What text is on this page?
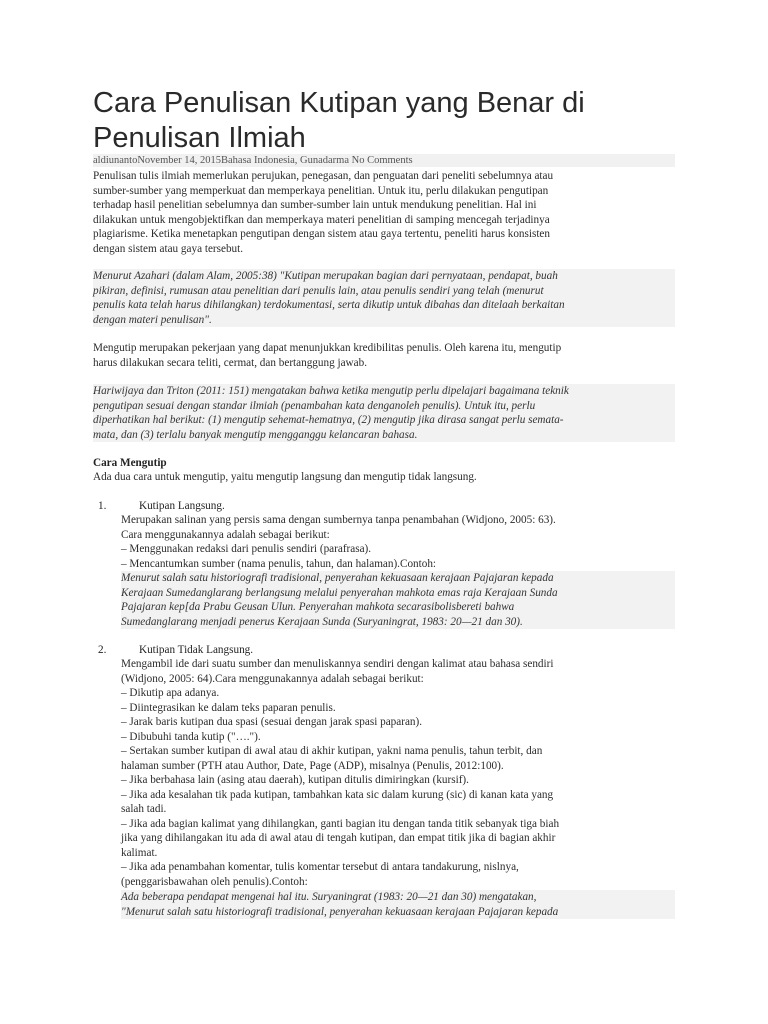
Cara Penulisan Kutipan yang Benar di
Penulisan Ilmiah
aldiunantoNovember 14, 2015Bahasa Indonesia, Gunadarma No Comments
Penulisan tulis ilmiah memerlukan perujukan, penegasan, dan penguatan dari peneliti sebelumnya atau
sumber-sumber yang memperkuat dan memperkaya penelitian. Untuk itu, perlu dilakukan pengutipan
terhadap hasil penelitian sebelumnya dan sumber-sumber lain untuk mendukung penelitian. Hal ini
dilakukan untuk mengobjektifkan dan memperkaya materi penelitian di samping mencegah terjadinya
plagiarisme. Ketika menetapkan pengutipan dengan sistem atau gaya tertentu, peneliti harus konsisten
dengan sistem atau gaya tersebut.
Menurut Azahari (dalam Alam, 2005:38) "Kutipan merupakan bagian dari pernyataan, pendapat, buah
pikiran, definisi, rumusan atau penelitian dari penulis lain, atau penulis sendiri yang telah (menurut
penulis kata telah harus dihilangkan) terdokumentasi, serta dikutip untuk dibahas dan ditelaah berkaitan
dengan materi penulisan".
Mengutip merupakan pekerjaan yang dapat menunjukkan kredibilitas penulis. Oleh karena itu, mengutip
harus dilakukan secara teliti, cermat, dan bertanggung jawab.
Hariwijaya dan Triton (2011: 151) mengatakan bahwa ketika mengutip perlu dipelajari bagaimana teknik
pengutipan sesuai dengan standar ilmiah (penambahan kata denganoleh penulis). Untuk itu, perlu
diperhatikan hal berikut: (1) mengutip sehemat-hematnya, (2) mengutip jika dirasa sangat perlu semata-
mata, dan (3) terlalu banyak mengutip mengganggu kelancaran bahasa.
Cara Mengutip
Ada dua cara untuk mengutip, yaitu mengutip langsung dan mengutip tidak langsung.
1.	Kutipan Langsung.
Merupakan salinan yang persis sama dengan sumbernya tanpa penambahan (Widjono, 2005: 63).
Cara menggunakannya adalah sebagai berikut:
– Menggunakan redaksi dari penulis sendiri (parafrasa).
– Mencantumkan sumber (nama penulis, tahun, dan halaman).Contoh:
Menurut salah satu historiografi tradisional, penyerahan kekuasaan kerajaan Pajajaran kepada
Kerajaan Sumedanglarang berlangsung melalui penyerahan mahkota emas raja Kerajaan Sunda
Pajajaran kep[da Prabu Geusan Ulun. Penyerahan mahkota secarasibolisbereti bahwa
Sumedanglarang menjadi penerus Kerajaan Sunda (Suryaningrat, 1983: 20—21 dan 30).
2.	Kutipan Tidak Langsung.
Mengambil ide dari suatu sumber dan menuliskannya sendiri dengan kalimat atau bahasa sendiri
(Widjono, 2005: 64).Cara menggunakannya adalah sebagai berikut:
– Dikutip apa adanya.
– Diintegrasikan ke dalam teks paparan penulis.
– Jarak baris kutipan dua spasi (sesuai dengan jarak spasi paparan).
– Dibubuhi tanda kutip ("….").
– Sertakan sumber kutipan di awal atau di akhir kutipan, yakni nama penulis, tahun terbit, dan
halaman sumber (PTH atau Author, Date, Page (ADP), misalnya (Penulis, 2012:100).
– Jika berbahasa lain (asing atau daerah), kutipan ditulis dimiringkan (kursif).
– Jika ada kesalahan tik pada kutipan, tambahkan kata sic dalam kurung (sic) di kanan kata yang
salah tadi.
– Jika ada bagian kalimat yang dihilangkan, ganti bagian itu dengan tanda titik sebanyak tiga biah
jika yang dihilangakan itu ada di awal atau di tengah kutipan, dan empat titik jika di bagian akhir
kalimat.
– Jika ada penambahan komentar, tulis komentar tersebut di antara tandakurung, nislnya,
(penggarisbawahan oleh penulis).Contoh:
Ada beberapa pendapat mengenai hal itu. Suryaningrat (1983: 20—21 dan 30) mengatakan,
"Menurut salah satu historiografi tradisional, penyerahan kekuasaan kerajaan Pajajaran kepada
